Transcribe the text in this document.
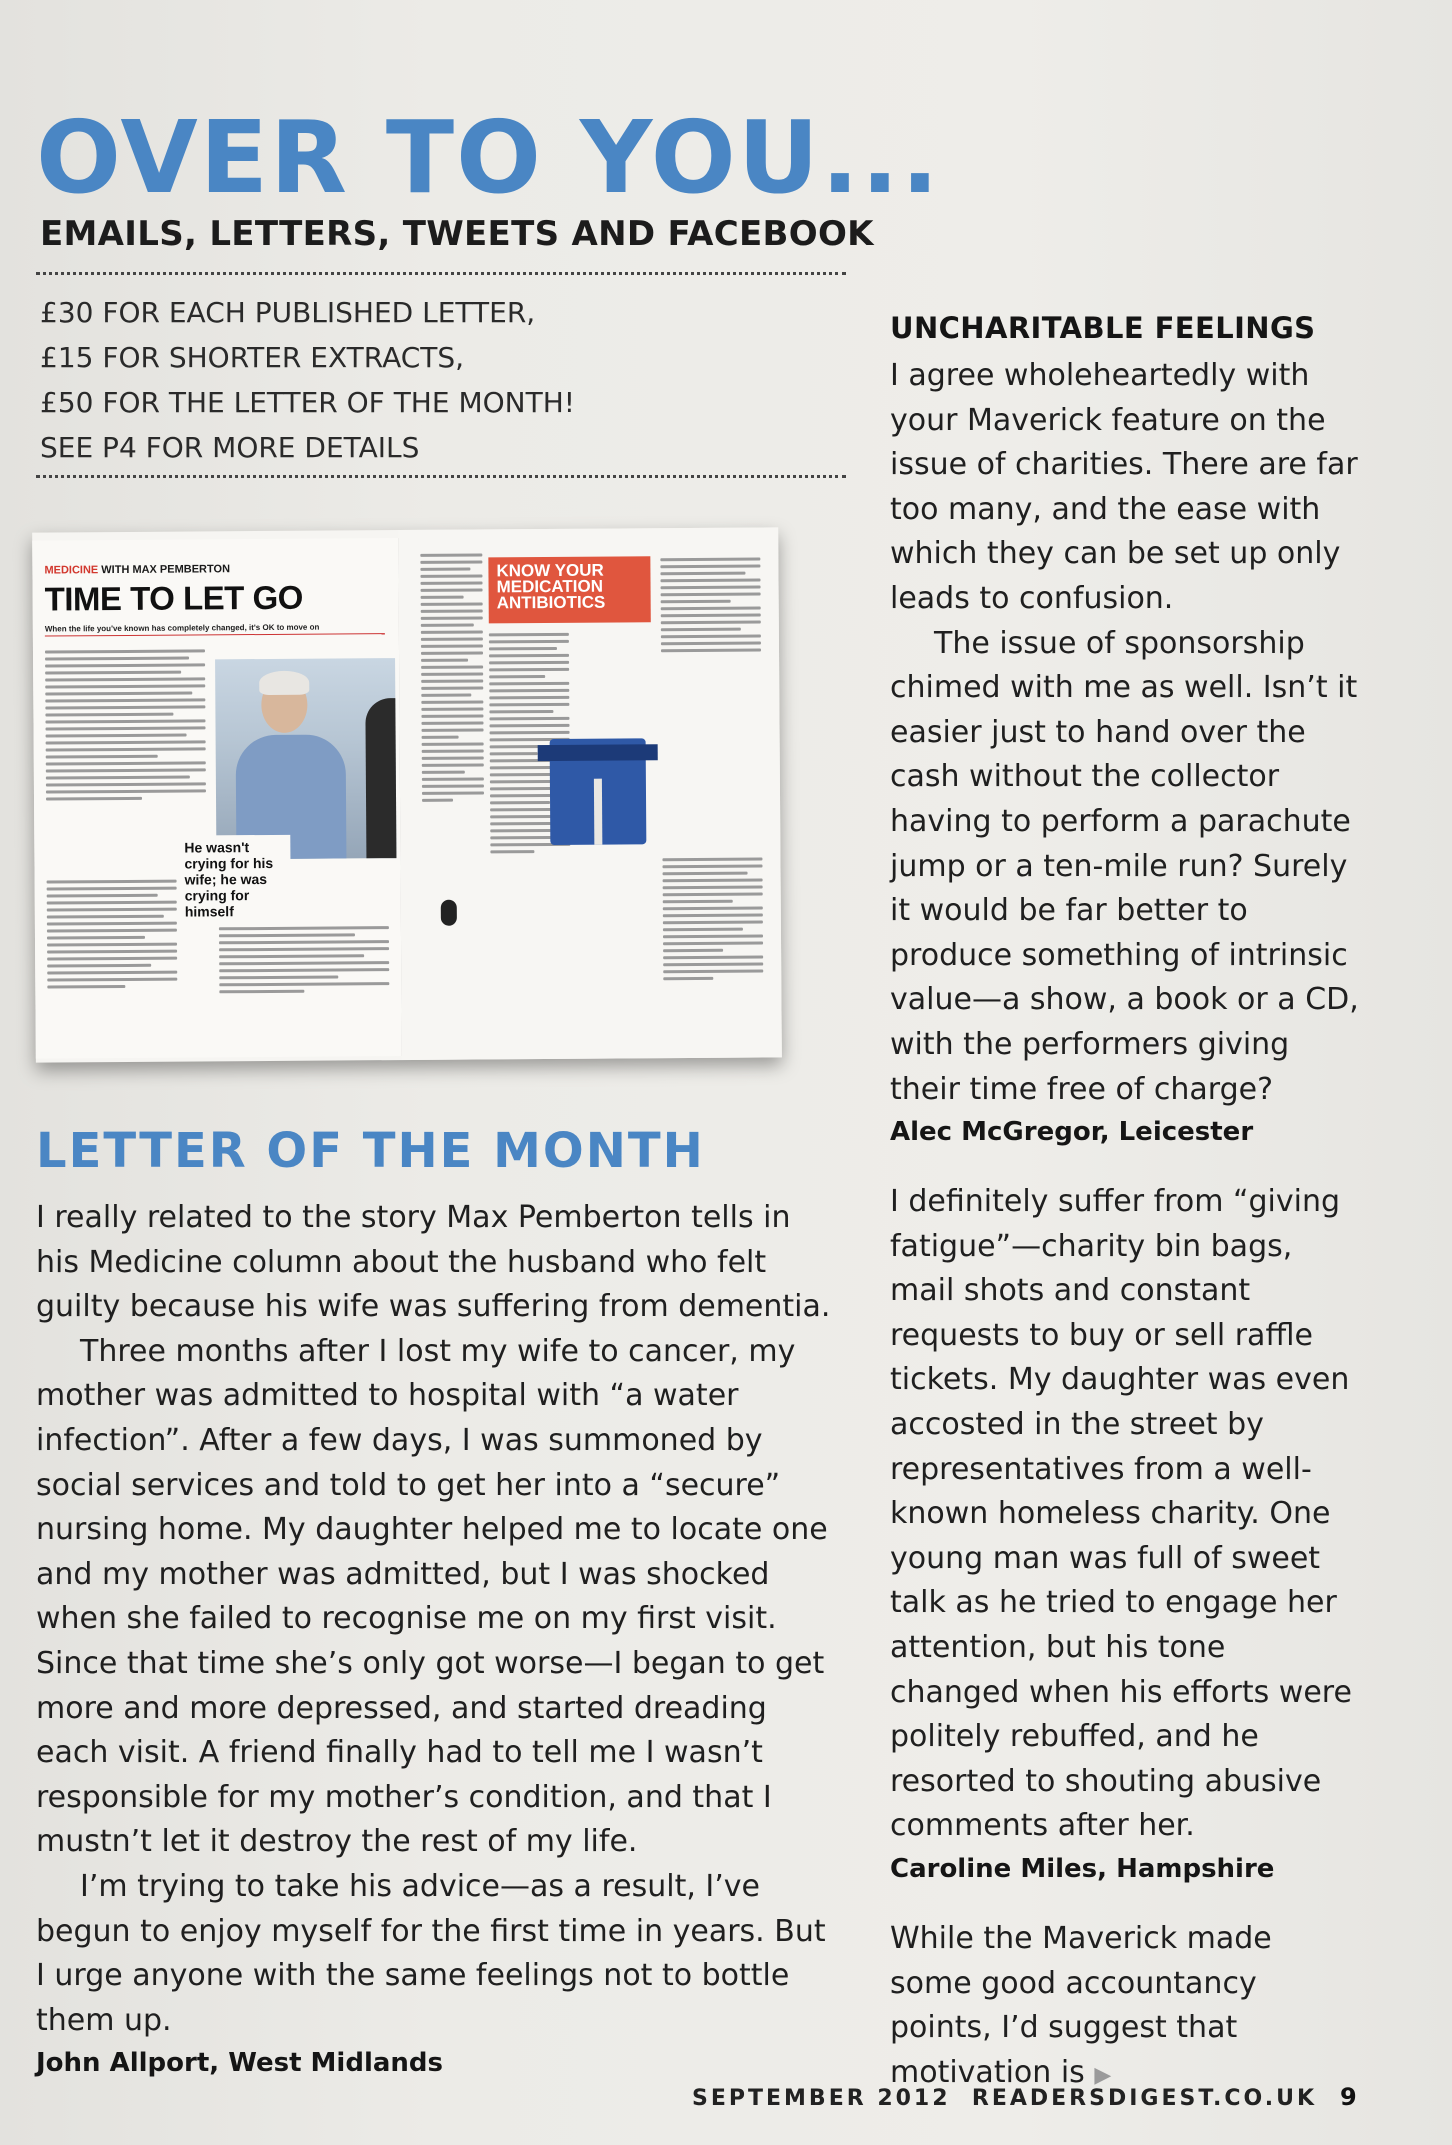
OVER TO YOU...
EMAILS, LETTERS, TWEETS AND FACEBOOK
£30 FOR EACH PUBLISHED LETTER,
£15 FOR SHORTER EXTRACTS,
£50 FOR THE LETTER OF THE MONTH!
SEE P4 FOR MORE DETAILS
MEDICINE WITH MAX PEMBERTON
TIME TO LET GO
When the life you've known has completely changed, it's OK to move on
He wasn't crying for his wife; he was crying for himself
KNOW YOUR
MEDICATION
ANTIBIOTICS
LETTER OF THE MONTH

I really related to the story Max Pemberton tells in his Medicine column about the husband who felt guilty because his wife was suffering from dementia.

Three months after I lost my wife to cancer, my mother was admitted to hospital with “a water infection”. After a few days, I was summoned by social services and told to get her into a “secure” nursing home. My daughter helped me to locate one and my mother was admitted, but I was shocked when she failed to recognise me on my first visit. Since that time she’s only got worse—I began to get more and more depressed, and started dreading each visit. A friend finally had to tell me I wasn’t responsible for my mother’s condition, and that I mustn’t let it destroy the rest of my life.

I’m trying to take his advice—as a result, I’ve begun to enjoy myself for the first time in years. But I urge anyone with the same feelings not to bottle them up.

John Allport, West Midlands

UNCHARITABLE FEELINGS

I agree wholeheartedly with your Maverick feature on the issue of charities. There are far too many, and the ease with which they can be set up only leads to confusion.

The issue of sponsorship chimed with me as well. Isn’t it easier just to hand over the cash without the collector having to perform a parachute jump or a ten-mile run? Surely it would be far better to produce something of intrinsic value—a show, a book or a CD, with the performers giving their time free of charge?

Alec McGregor, Leicester

I definitely suffer from “giving fatigue”—charity bin bags, mail shots and constant requests to buy or sell raffle tickets. My daughter was even accosted in the street by representatives from a well-known homeless charity. One young man was full of sweet talk as he tried to engage her attention, but his tone changed when his efforts were politely rebuffed, and he resorted to shouting abusive comments after her.

Caroline Miles, Hampshire

While the Maverick made some good accountancy points, I’d suggest that motivation is ▶

SEPTEMBER 2012 READERSDIGEST.CO.UK 9
